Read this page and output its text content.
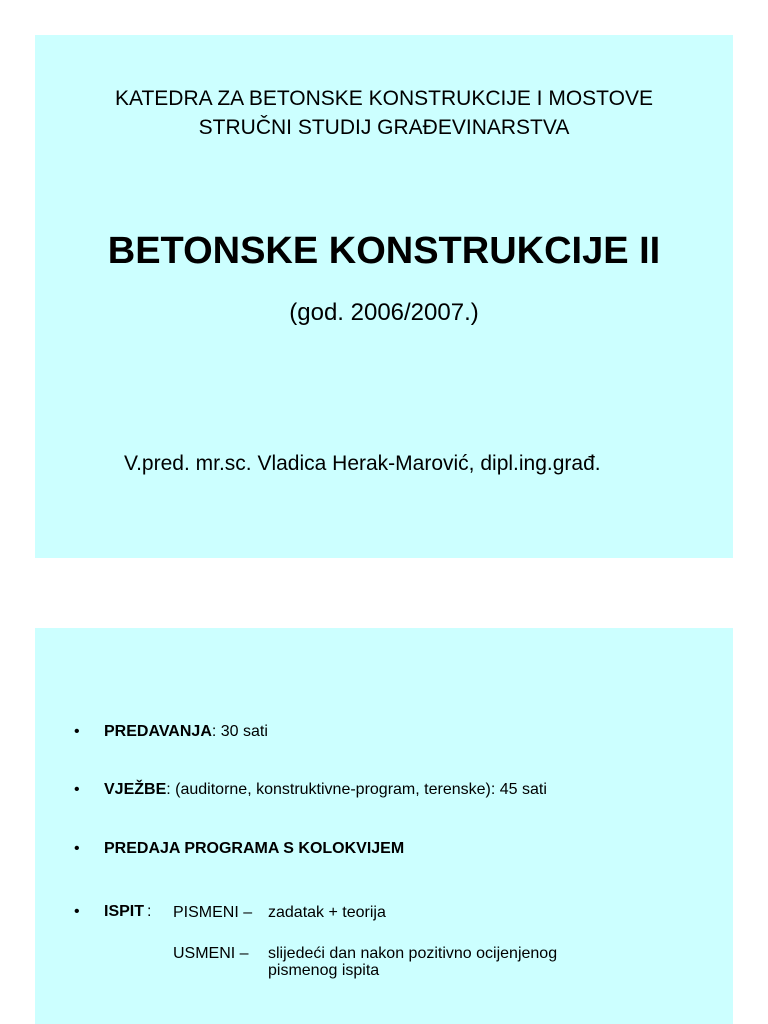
KATEDRA ZA BETONSKE KONSTRUKCIJE I MOSTOVE
STRUČNI STUDIJ GRAĐEVINARSTVA
BETONSKE KONSTRUKCIJE II
(god. 2006/2007.)
V.pred. mr.sc. Vladica Herak-Marović, dipl.ing.građ.
•	PREDAVANJA: 30 sati
•	VJEŽBE: (auditorne, konstruktivne-program, terenske): 45 sati
•	PREDAJA PROGRAMA S KOLOKVIJEM
•	ISPIT : PISMENI – zadatak + teorija
USMENI – slijedeći dan nakon pozitivno ocijenjenog
pismenog ispita
